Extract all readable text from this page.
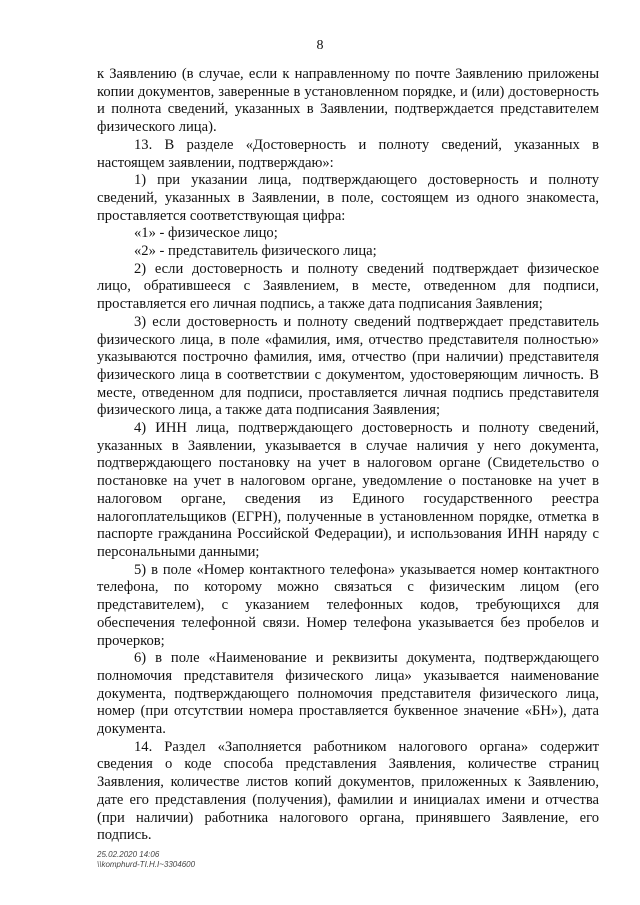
8

к Заявлению (в случае, если к направленному по почте Заявлению приложены копии документов, заверенные в установленном порядке, и (или) достоверность и полнота сведений, указанных в Заявлении, подтверждается представителем физического лица).

13. В разделе «Достоверность и полноту сведений, указанных в настоящем заявлении, подтверждаю»:

1) при указании лица, подтверждающего достоверность и полноту сведений, указанных в Заявлении, в поле, состоящем из одного знакоместа, проставляется соответствующая цифра:

«1» - физическое лицо;

«2» - представитель физического лица;

2) если достоверность и полноту сведений подтверждает физическое лицо, обратившееся с Заявлением, в месте, отведенном для подписи, проставляется его личная подпись, а также дата подписания Заявления;

3) если достоверность и полноту сведений подтверждает представитель физического лица, в поле «фамилия, имя, отчество представителя полностью» указываются построчно фамилия, имя, отчество (при наличии) представителя физического лица в соответствии с документом, удостоверяющим личность. В месте, отведенном для подписи, проставляется личная подпись представителя физического лица, а также дата подписания Заявления;

4) ИНН лица, подтверждающего достоверность и полноту сведений, указанных в Заявлении, указывается в случае наличия у него документа, подтверждающего постановку на учет в налоговом органе (Свидетельство о постановке на учет в налоговом органе, уведомление о постановке на учет в налоговом органе, сведения из Единого государственного реестра налогоплательщиков (ЕГРН), полученные в установленном порядке, отметка в паспорте гражданина Российской Федерации), и использования ИНН наряду с персональными данными;

5) в поле «Номер контактного телефона» указывается номер контактного телефона, по которому можно связаться с физическим лицом (его представителем), с указанием телефонных кодов, требующихся для обеспечения телефонной связи. Номер телефона указывается без пробелов и прочерков;

6) в поле «Наименование и реквизиты документа, подтверждающего полномочия представителя физического лица» указывается наименование документа, подтверждающего полномочия представителя физического лица, номер (при отсутствии номера проставляется буквенное значение «БН»), дата документа.

14. Раздел «Заполняется работником налогового органа» содержит сведения о коде способа представления Заявления, количестве страниц Заявления, количестве листов копий документов, приложенных к Заявлению, дате его представления (получения), фамилии и инициалах имени и отчества (при наличии) работника налогового органа, принявшего Заявление, его подпись.

25.02.2020 14:06
\\komphurd-TI.H.I~3304600
